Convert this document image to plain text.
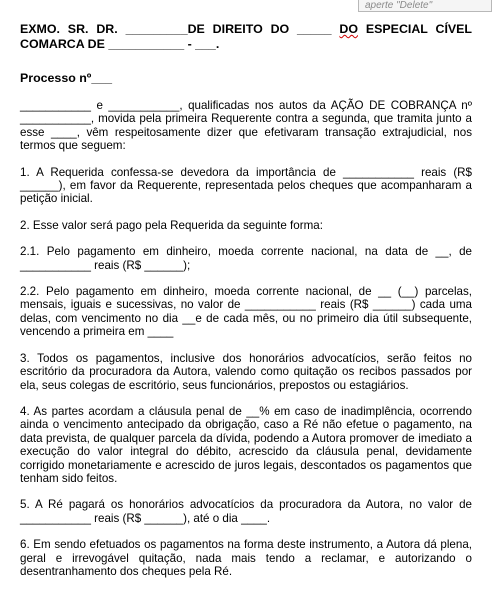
aperte "Delete"

EXMO. SR. DR. _________DE DIREITO DO _____ DO ESPECIAL CÍVEL COMARCA DE ___________ - ___.

Processo nº___

___________ e ___________, qualificadas nos autos da AÇÃO DE COBRANÇA nº ___________, movida pela primeira Requerente contra a segunda, que tramita junto a esse ____, vêm respeitosamente dizer que efetivaram transação extrajudicial, nos termos que seguem:

1. A Requerida confessa-se devedora da importância de ___________ reais (R$ ______), em favor da Requerente, representada pelos cheques que acompanharam a petição inicial.

2. Esse valor será pago pela Requerida da seguinte forma:

2.1. Pelo pagamento em dinheiro, moeda corrente nacional, na data de __, de ___________ reais (R$ ______);

2.2. Pelo pagamento em dinheiro, moeda corrente nacional, de __ (__) parcelas, mensais, iguais e sucessivas, no valor de ___________ reais (R$ ______) cada uma delas, com vencimento no dia __e de cada mês, ou no primeiro dia útil subsequente, vencendo a primeira em ____

3. Todos os pagamentos, inclusive dos honorários advocatícios, serão feitos no escritório da procuradora da Autora, valendo como quitação os recibos passados por ela, seus colegas de escritório, seus funcionários, prepostos ou estagiários.

4. As partes acordam a cláusula penal de __% em caso de inadimplência, ocorrendo ainda o vencimento antecipado da obrigação, caso a Ré não efetue o pagamento, na data prevista, de qualquer parcela da dívida, podendo a Autora promover de imediato a execução do valor integral do débito, acrescido da cláusula penal, devidamente corrigido monetariamente e acrescido de juros legais, descontados os pagamentos que tenham sido feitos.

5. A Ré pagará os honorários advocatícios da procuradora da Autora, no valor de ___________ reais (R$ ______), até o dia ____.

6. Em sendo efetuados os pagamentos na forma deste instrumento, a Autora dá plena, geral e irrevogável quitação, nada mais tendo a reclamar, e autorizando o desentranhamento dos cheques pela Ré.
